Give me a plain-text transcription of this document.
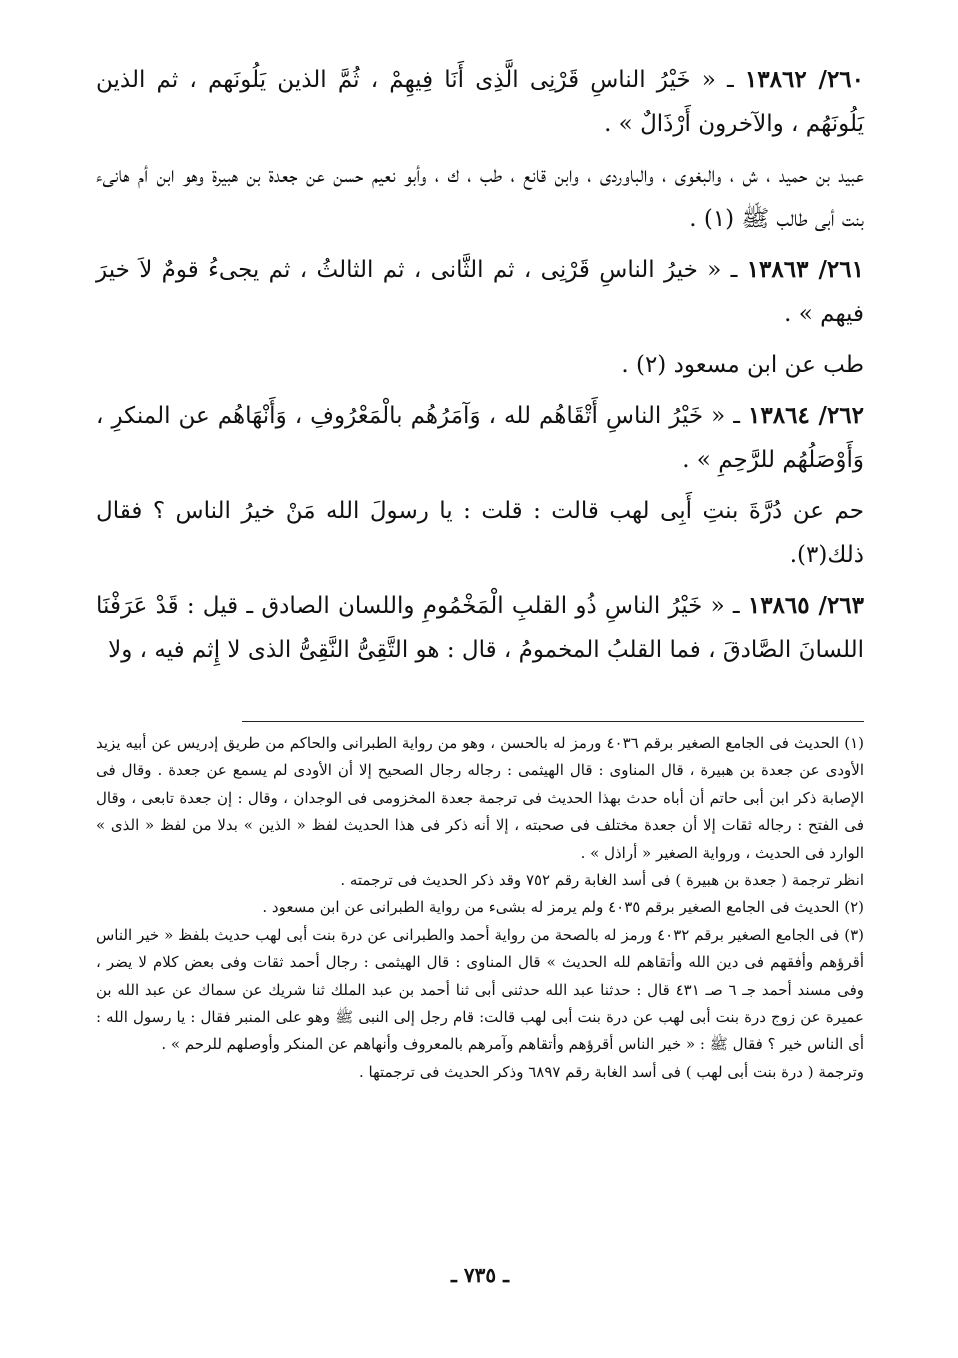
٢٦٠/ ١٣٨٦٢ ـ « خَيْرُ الناسِ قَرْنِى الَّذِى أَنَا فِيهِمْ ، ثُمَّ الذين يَلُونَهم ، ثم الذين يَلُونَهُم ، والآخرون أَرْذَالٌ » .

عبيد بن حميد ، ش ، والبغوى ، والباوردى ، وابن قانع ، طب ، ك ، وأبو نعيم حسن عن جعدة بن هبيرة وهو ابن أم هانىء بنت أبى طالب ﷺ (١) .

٢٦١/ ١٣٨٦٣ ـ « خيرُ الناسِ قَرْنِى ، ثم الثَّانى ، ثم الثالثُ ، ثم يجىءُ قومٌ لاَ خيرَ فيهم » .

طب عن ابن مسعود (٢) .

٢٦٢/ ١٣٨٦٤ ـ « خَيْرُ الناسِ أَتْقَاهُم لله ، وَآمَرُهُم بالْمَعْرُوفِ ، وَأَنْهَاهُم عن المنكرِ ، وَأَوْصَلُهُم للرَّحِمِ » .

حم عن دُرَّةَ بنتِ أَبِى لهب قالت : قلت : يا رسولَ الله مَنْ خيرُ الناس ؟ فقال ذلك(٣).

٢٦٣/ ١٣٨٦٥ ـ « خَيْرُ الناسِ ذُو القلبِ الْمَخْمُومِ واللسان الصادق ـ قيل : قَدْ عَرَفْنَا اللسانَ الصَّادقَ ، فما القلبُ المخمومُ ، قال : هو التَّقِىُّ النَّقِىُّ الذى لا إِثم فيه ، ولا

(١) الحديث فى الجامع الصغير برقم ٤٠٣٦ ورمز له بالحسن ، وهو من رواية الطبرانى والحاكم من طريق إدريس عن أبيه يزيد الأودى عن جعدة بن هبيرة ، قال المناوى : قال الهيثمى : رجاله رجال الصحيح إلا أن الأودى لم يسمع عن جعدة . وقال فى الإصابة ذكر ابن أبى حاتم أن أباه حدث بهذا الحديث فى ترجمة جعدة المخزومى فى الوجدان ، وقال : إن جعدة تابعى ، وقال فى الفتح : رجاله ثقات إلا أن جعدة مختلف فى صحبته ، إلا أنه ذكر فى هذا الحديث لفظ « الذين » بدلا من لفظ « الذى » الوارد فى الحديث ، ورواية الصغير « أراذل » .

انظر ترجمة ( جعدة بن هبيرة ) فى أسد الغابة رقم ٧٥٢ وقد ذكر الحديث فى ترجمته .

(٢) الحديث فى الجامع الصغير برقم ٤٠٣٥ ولم يرمز له بشىء من رواية الطبرانى عن ابن مسعود .

(٣) فى الجامع الصغير برقم ٤٠٣٢ ورمز له بالصحة من رواية أحمد والطبرانى عن درة بنت أبى لهب حديث بلفظ « خير الناس أقرؤهم وأفقهم فى دين الله وأتقاهم لله الحديث » قال المناوى : قال الهيثمى : رجال أحمد ثقات وفى بعض كلام لا يضر ، وفى مسند أحمد جـ ٦ صـ ٤٣١ قال : حدثنا عبد الله حدثنى أبى ثنا أحمد بن عبد الملك ثنا شريك عن سماك عن عبد الله بن عميرة عن زوج درة بنت أبى لهب عن درة بنت أبى لهب قالت: قام رجل إلى النبى ﷺ وهو على المنبر فقال : يا رسول الله : أى الناس خير ؟ فقال ﷺ : « خير الناس أقرؤهم وأتقاهم وآمرهم بالمعروف وأنهاهم عن المنكر وأوصلهم للرحم » .

وترجمة ( درة بنت أبى لهب ) فى أسد الغابة رقم ٦٨٩٧ وذكر الحديث فى ترجمتها .

ـ ٧٣٥ ـ
